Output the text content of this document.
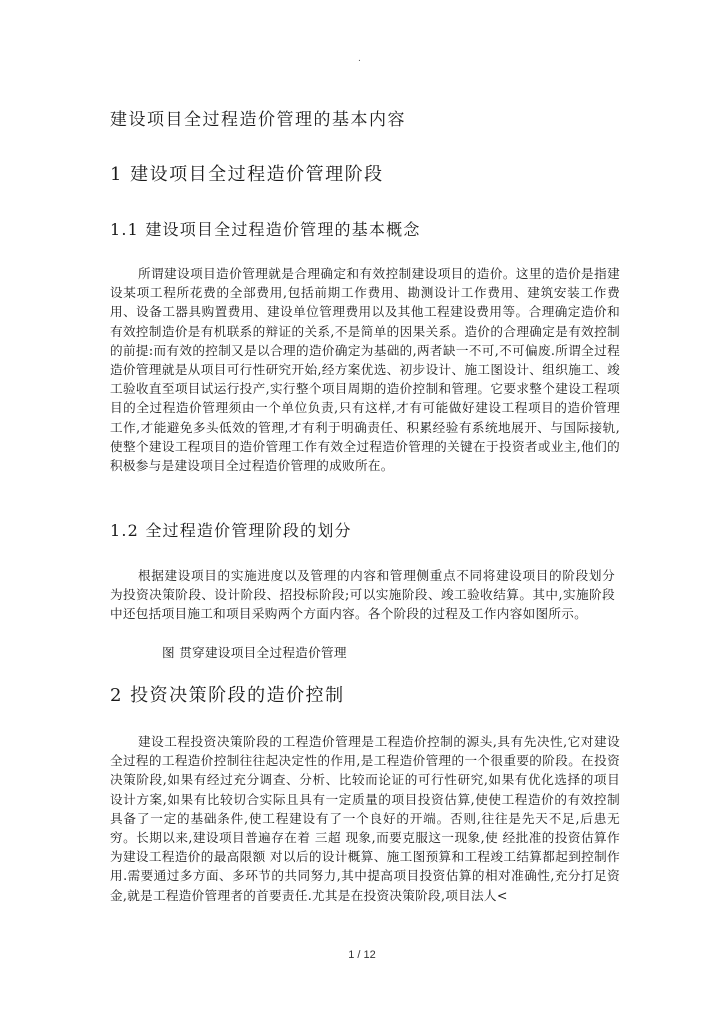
.
建设项目全过程造价管理的基本内容
1 建设项目全过程造价管理阶段
1.1 建设项目全过程造价管理的基本概念

所谓建设项目造价管理就是合理确定和有效控制建设项目的造价。这里的造价是指建设某项工程所花费的全部费用,包括前期工作费用、勘测设计工作费用、建筑安装工作费用、设备工器具购置费用、建设单位管理费用以及其他工程建设费用等。合理确定造价和有效控制造价是有机联系的辩证的关系,不是简单的因果关系。造价的合理确定是有效控制的前提:而有效的控制又是以合理的造价确定为基础的,两者缺一不可,不可偏废.所谓全过程造价管理就是从项目可行性研究开始,经方案优选、初步设计、施工图设计、组织施工、竣工验收直至项目试运行投产,实行整个项目周期的造价控制和管理。它要求整个建设工程项目的全过程造价管理须由一个单位负责,只有这样,才有可能做好建设工程项目的造价管理工作,才能避免多头低效的管理,才有利于明确责任、积累经验有系统地展开、与国际接轨,使整个建设工程项目的造价管理工作有效全过程造价管理的关键在于投资者或业主,他们的积极参与是建设项目全过程造价管理的成败所在。

1.2 全过程造价管理阶段的划分

根据建设项目的实施进度以及管理的内容和管理侧重点不同将建设项目的阶段划分为投资决策阶段、设计阶段、招投标阶段;可以实施阶段、竣工验收结算。其中,实施阶段中还包括项目施工和项目采购两个方面内容。各个阶段的过程及工作内容如图所示。

图 贯穿建设项目全过程造价管理
2 投资决策阶段的造价控制

建设工程投资决策阶段的工程造价管理是工程造价控制的源头,具有先决性,它对建设全过程的工程造价控制往往起决定性的作用,是工程造价管理的一个很重要的阶段。在投资决策阶段,如果有经过充分调查、分析、比较而论证的可行性研究,如果有优化选择的项目设计方案,如果有比较切合实际且具有一定质量的项目投资估算,使使工程造价的有效控制具备了一定的基础条件,使工程建设有了一个良好的开端。否则,往往是先天不足,后患无穷。长期以来,建设项目普遍存在着 三超 现象,而要克服这一现象,使 经批准的投资估算作为建设工程造价的最高限额 对以后的设计概算、施工图预算和工程竣工结算都起到控制作用.需要通过多方面、多环节的共同努力,其中提高项目投资估算的相对准确性,充分打足资金,就是工程造价管理者的首要责任.尤其是在投资决策阶段,项目法人<

1 / 12
